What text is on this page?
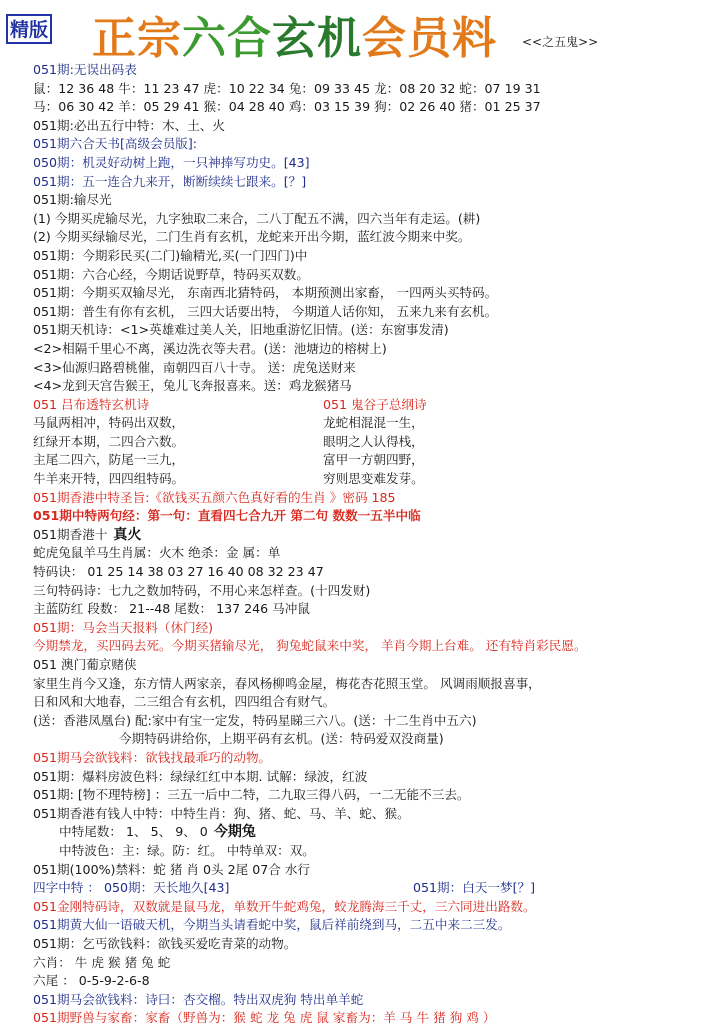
精版 正宗六合玄机会员料 <<之五鬼>>
051期:无误出码表
鼠：12 36 48 牛：11 23 47 虎：10 22 34 兔：09 33 45 龙：08 20 32 蛇：07 19 31
马：06 30 42 羊：05 29 41 猴：04 28 40 鸡：03 15 39 狗：02 26 40 猪：01 25 37
051期:必出五行中特：木、土、火
051期六合天书[高级会员版]:
050期：机灵好动树上跑，一只神捧写功史。[43]
051期：五一连合九来开，断断续续七跟来。[？]
051期:输尽光
(1) 今期买虎输尽光，九字独取二来合，二八丁配五不满，四六当年有走运。(耕)
(2) 今期买绿输尽光，二门生肖有玄机，龙蛇来开出今期，蓝红波今期来中奖。
051期：今期彩民买(二门)输精光,买(一门四门)中
051期：六合心经，今期话说野草，特码买双数。
051期：今期买双输尽光， 东南西北猜特码， 本期预测出家畜， 一四两头买特码。
051期：普生有你有玄机， 三四大话要出特， 今期道人话你知， 五来九来有玄机。
051期天机诗：<1>英雄难过美人关，旧地重游忆旧情。(送：东窗事发清)
<2>相隔千里心不离，溪边洗衣等夫君。(送：池塘边的榕树上)
<3>仙源归路碧桃催，南朝四百八十寺。 送：虎兔送财来
<4>龙到天宫告猴王，兔儿飞奔报喜来。送：鸡龙猴猪马
051 吕布透特玄机诗	051 鬼谷子总纲诗
马鼠两相冲，特码出双数，	龙蛇相混混一生，
红绿开本期，二四合六数。	眼明之人认得栈，
主尾二四六，防尾一三九，	富甲一方朝四野，
牛羊来开特，四四组特码。	穷则思变难发芽。
051期香港中特圣旨:《欲钱买五颜六色真好看的生肖 》密码 185
051期中特两句经：第一句：直看四七合九开 第二句 数数一五半中临
051期香港十 真火
蛇虎兔鼠羊马生肖属：火木 绝杀：金 属：单
特码诀： 01 25 14 38 03 27 16 40 08 32 23 47
三句特码诗：七九之数加特码，不用心来怎样查。(十四发财)
主蓝防红 段数： 21--48 尾数： 137 246 马冲鼠
051期：马会当天报料（休门经)
今期禁龙，买四码去死。今期买猪输尽光， 狗兔蛇鼠来中奖， 羊肖今期上台难。 还有特肖彩民愿。
051 澳门葡京赌侠
家里生肖今又逢，东方情人两家亲，春风杨柳鸣金屋，梅花杏花照玉堂。 风调雨顺报喜事，
日和风和大地春，二三组合有玄机，四四组合有财气。
(送：香港凤凰台) 配:家中有宝一定发，特码星睇三六八。(送：十二生肖中五六)
今期特码讲给你，上期平码有玄机。(送：特码爱双没商量)
051期马会欲钱料：欲钱找最乖巧的动物。
051期：爆料房波色料：绿绿红红中本期. 试解：绿波，红波
051期: [物不理特榜] ：三五一后中二特，二九取三得八码，一二无能不三去。
051期香港有钱人中特：中特生肖：狗、猪、蛇、马、羊、蛇、猴。
中特尾数： 1、 5、 9、 0 今期兔
中特波色：主：绿。防：红。 中特单双：双。
051期(100%)禁料：蛇 猪 肖 0头 2尾 07合 水行
四字中特 ： 050期：天长地久[43]	051期：白天一梦[？]
051金刚特码诗，双数就是鼠马龙，单数开牛蛇鸡兔，蛟龙腾海三千丈，三六同进出路数。
051期黄大仙一语破天机，今期当头请看蛇中奖，鼠后祥前绕到马，二五中来二三发。
051期：乞丐欲钱料：欲钱买爱吃青菜的动物。
六肖： 牛 虎 猴 猪 兔 蛇
六尾 ： 0-5-9-2-6-8
051期马会欲钱料：诗曰：杏交榴。特出双虎狗 特出单羊蛇
051期野兽与家畜：家畜（野兽为：猴 蛇 龙 兔 虎 鼠 家畜为：羊 马 牛 猪 狗 鸡 ）
